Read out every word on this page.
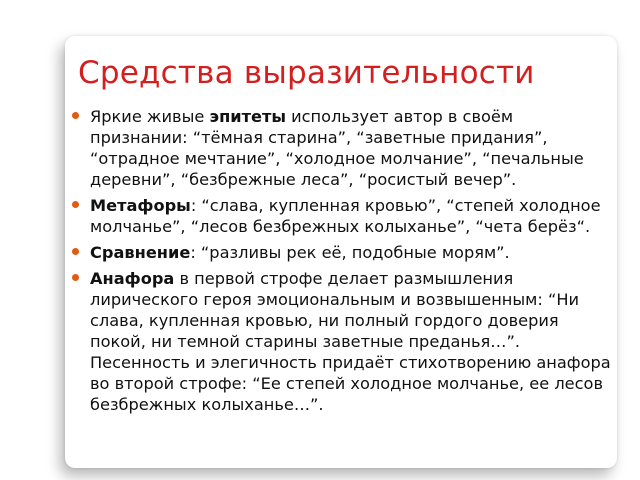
Средства выразительности
Яркие живые эпитеты использует автор в своём признании: “тёмная старина”, “заветные придания”, “отрадное мечтание”, “холодное молчание”, “печальные деревни”, “безбрежные леса”, “росистый вечер”.
Метафоры: “слава, купленная кровью”, “степей холодное молчанье”, “лесов безбрежных колыханье”, “чета берёз“.
Сравнение: “разливы рек её, подобные морям”.
Анафора в первой строфе делает размышления лирического героя эмоциональным и возвышенным: “Ни слава, купленная кровью, ни полный гордого доверия покой, ни темной старины заветные преданья…”. Песенность и элегичность придаёт стихотворению анафора во второй строфе: “Ее степей холодное молчанье, ее лесов безбрежных колыханье…”.
